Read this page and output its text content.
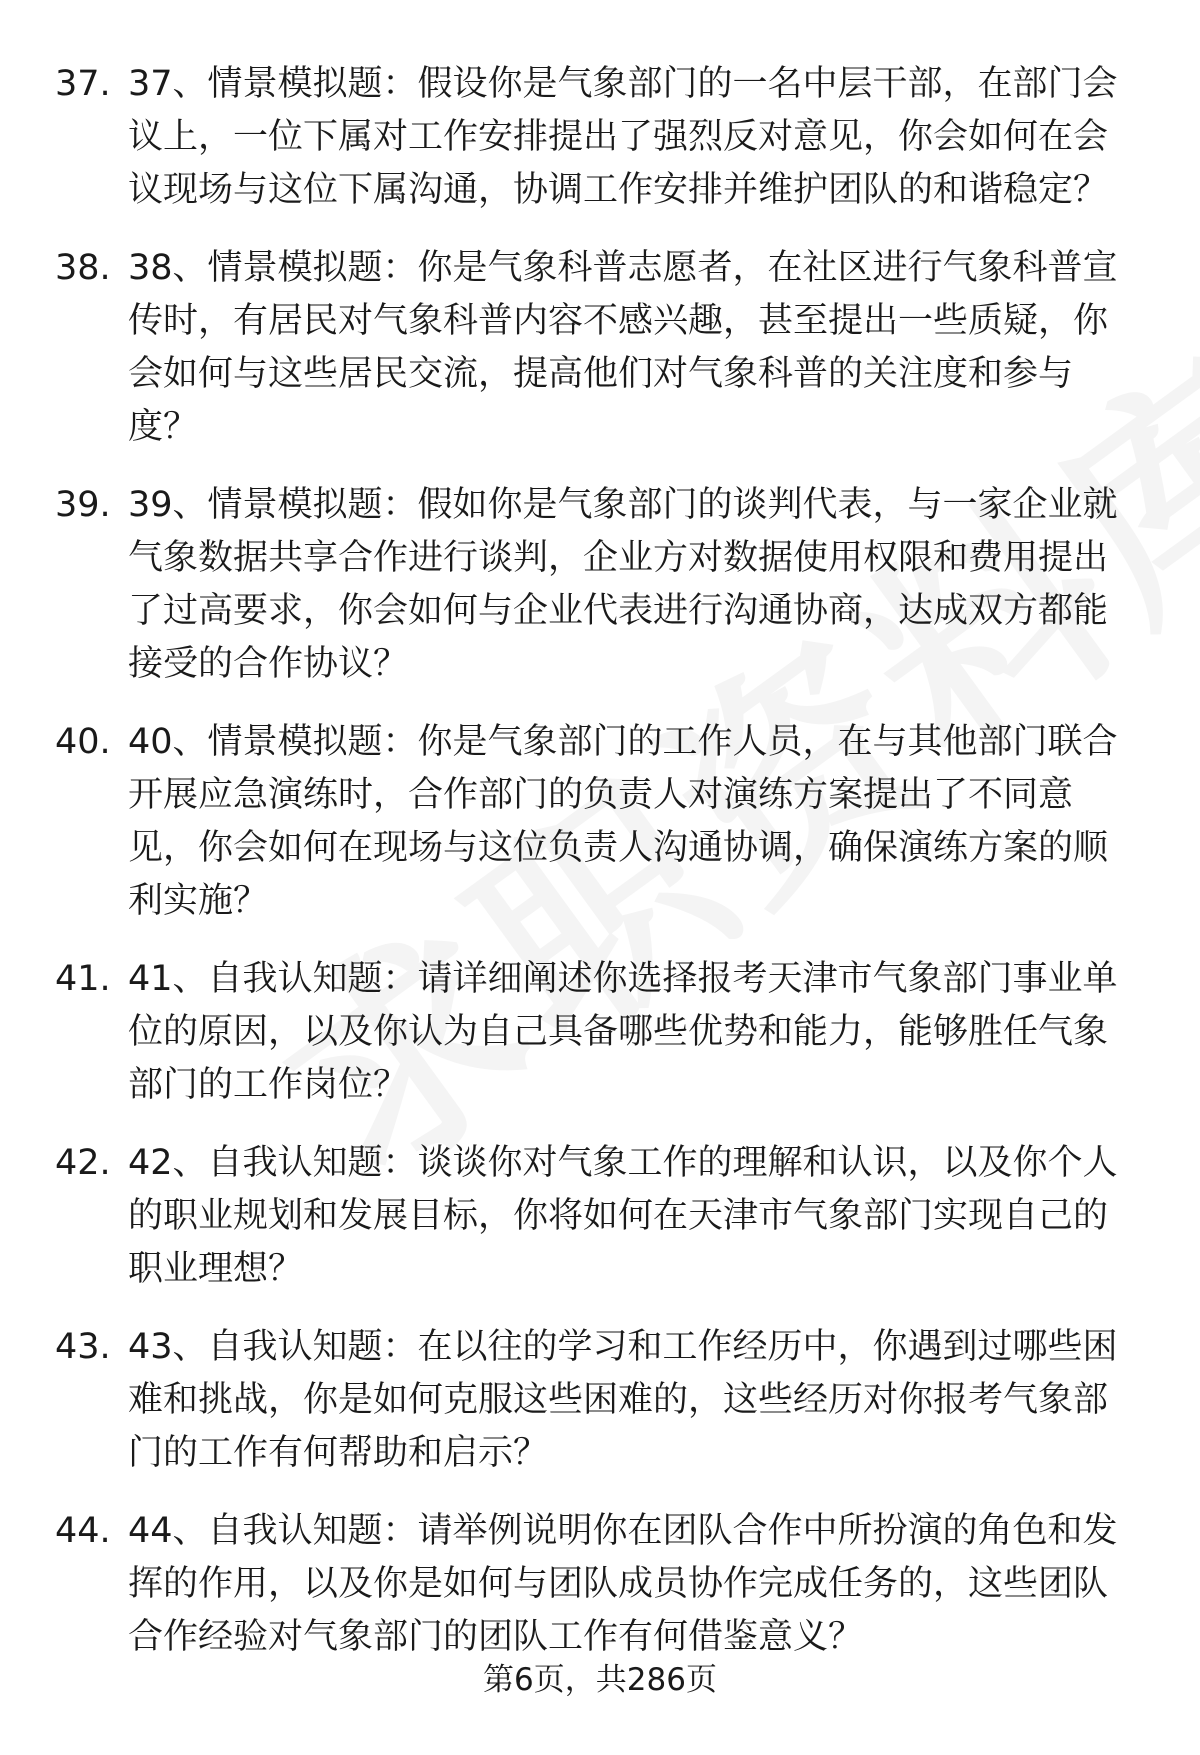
37. 37、情景模拟题：假设你是气象部门的一名中层干部，在部门会议上，一位下属对工作安排提出了强烈反对意见，你会如何在会议现场与这位下属沟通，协调工作安排并维护团队的和谐稳定？
38. 38、情景模拟题：你是气象科普志愿者，在社区进行气象科普宣传时，有居民对气象科普内容不感兴趣，甚至提出一些质疑，你会如何与这些居民交流，提高他们对气象科普的关注度和参与度？
39. 39、情景模拟题：假如你是气象部门的谈判代表，与一家企业就气象数据共享合作进行谈判，企业方对数据使用权限和费用提出了过高要求，你会如何与企业代表进行沟通协商，达成双方都能接受的合作协议？
40. 40、情景模拟题：你是气象部门的工作人员，在与其他部门联合开展应急演练时，合作部门的负责人对演练方案提出了不同意见，你会如何在现场与这位负责人沟通协调，确保演练方案的顺利实施？
41. 41、自我认知题：请详细阐述你选择报考天津市气象部门事业单位的原因，以及你认为自己具备哪些优势和能力，能够胜任气象部门的工作岗位？
42. 42、自我认知题：谈谈你对气象工作的理解和认识，以及你个人的职业规划和发展目标，你将如何在天津市气象部门实现自己的职业理想？
43. 43、自我认知题：在以往的学习和工作经历中，你遇到过哪些困难和挑战，你是如何克服这些困难的，这些经历对你报考气象部门的工作有何帮助和启示？
44. 44、自我认知题：请举例说明你在团队合作中所扮演的角色和发挥的作用，以及你是如何与团队成员协作完成任务的，这些团队合作经验对气象部门的团队工作有何借鉴意义？
第6页，共286页
